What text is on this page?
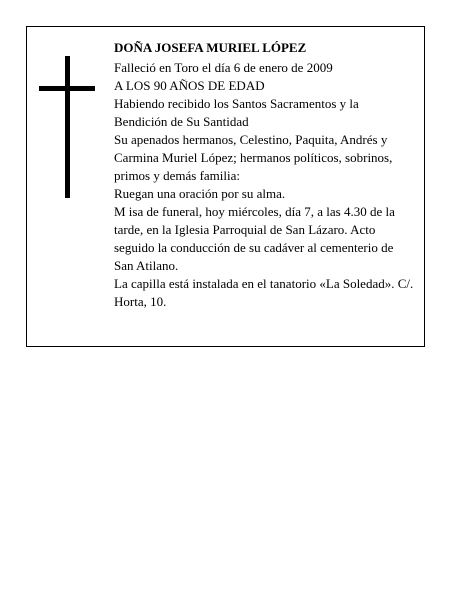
DOÑA JOSEFA MURIEL LÓPEZ

Falleció en Toro el día 6 de enero de 2009

A LOS 90 AÑOS DE EDAD

Habiendo recibido los Santos Sacramentos y la Bendición de Su Santidad

Su apenados hermanos, Celestino, Paquita, Andrés y Carmina Muriel López; hermanos políticos, sobrinos, primos y demás familia:

Ruegan una oración por su alma.

M isa de funeral, hoy miércoles, día 7, a las 4.30 de la tarde, en la Iglesia Parroquial de San Lázaro. Acto seguido la conducción de su cadáver al cementerio de San Atilano.

La capilla está instalada en el tanatorio «La Soledad». C/. Horta, 10.
